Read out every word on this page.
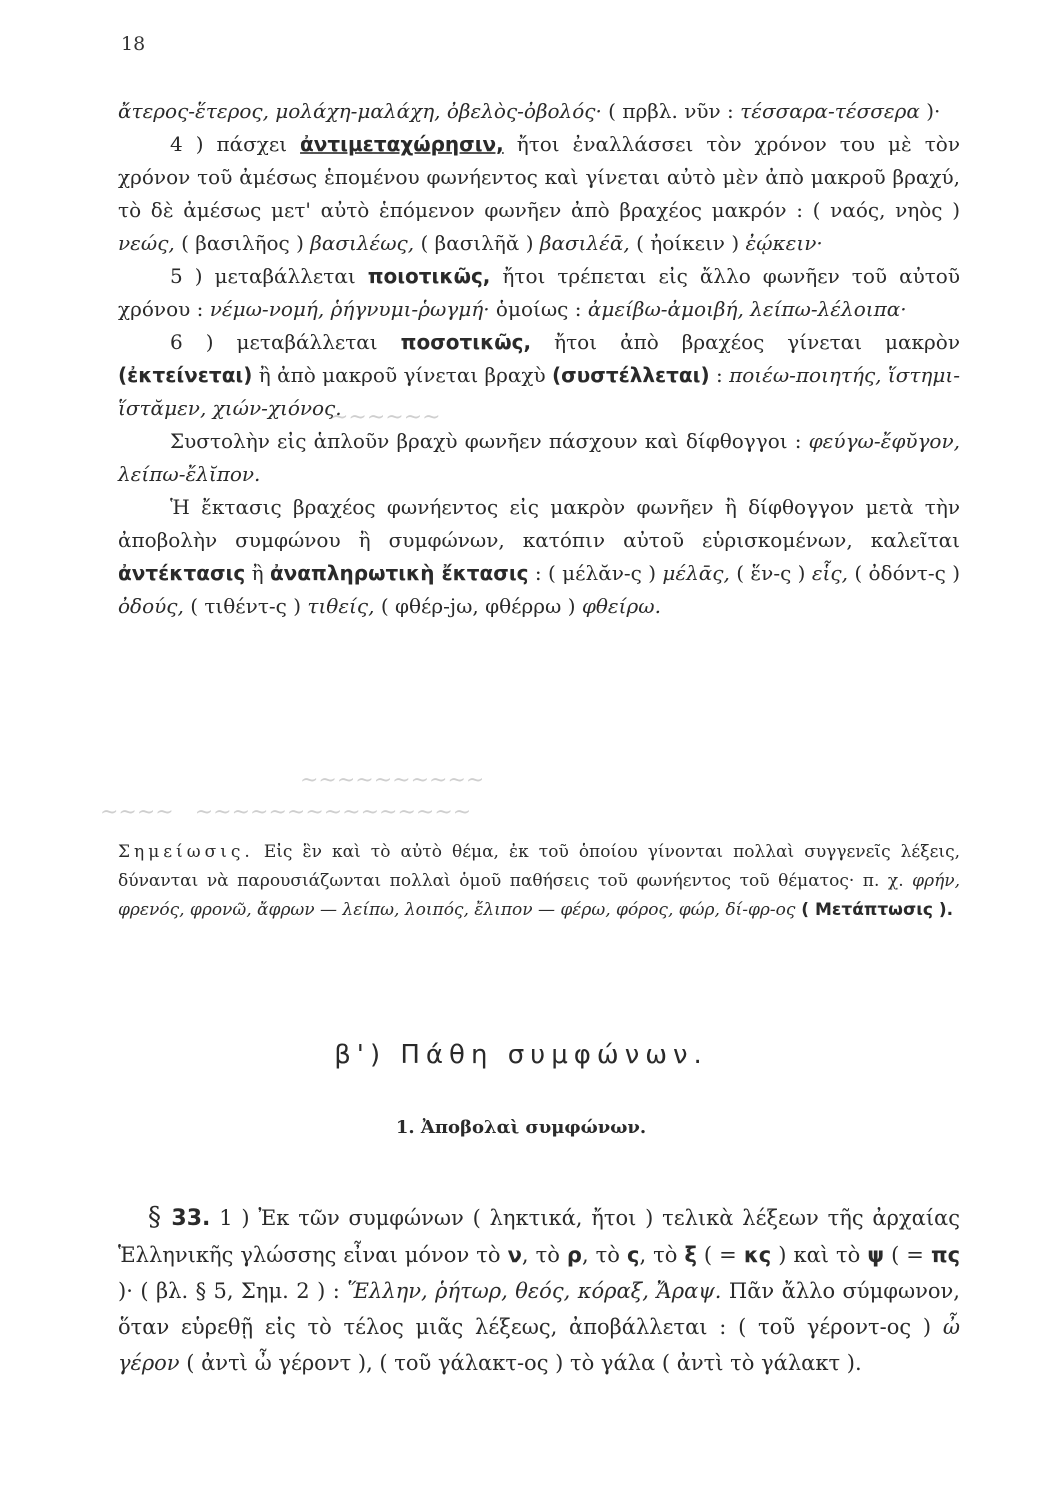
18

ἄτερος-ἕτερος, μολάχη-μαλάχη, ὀβελὸς-ὀβολός· ( πρβλ. νῦν : τέσσαρα-τέσσερα )·

4 ) πάσχει ἀντιμεταχώρησιν, ἤτοι ἐναλλάσσει τὸν χρόνον του μὲ τὸν χρόνον τοῦ ἀμέσως ἑπομένου φωνήεντος καὶ γίνεται αὐτὸ μὲν ἀπὸ μακροῦ βραχύ, τὸ δὲ ἀμέσως μετ' αὐτὸ ἑπόμενον φωνῆεν ἀπὸ βραχέος μακρόν : ( ναός, νηὸς ) νεώς, ( βασιλῆος ) βασιλέως, ( βασιλῆᾰ ) βασιλέᾱ, ( ἠοίκειν ) ἐῴκειν·

5 ) μεταβάλλεται ποιοτικῶς, ἤτοι τρέπεται εἰς ἄλλο φωνῆεν τοῦ αὐτοῦ χρόνου : νέμω-νομή, ῥήγνυμι-ῥωγμή· ὁμοίως : ἀμείβω-ἀμοιβή, λείπω-λέλοιπα·

6 ) μεταβάλλεται ποσοτικῶς, ἤτοι ἀπὸ βραχέος γίνεται μακρὸν (ἐκτείνεται) ἢ ἀπὸ μακροῦ γίνεται βραχὺ (συστέλλεται) : ποιέω-ποιητής, ἵστημι-ἵστᾰμεν, χιών-χιόνος.

Συστολὴν εἰς ἁπλοῦν βραχὺ φωνῆεν πάσχουν καὶ δίφθογγοι : φεύγω-ἔφῠγον, λείπω-ἔλῐπον.

Ἡ ἔκτασις βραχέος φωνήεντος εἰς μακρὸν φωνῆεν ἢ δίφθογγον μετὰ τὴν ἀποβολὴν συμφώνου ἢ συμφώνων, κατόπιν αὐτοῦ εὑρισκομένων, καλεῖται ἀντέκτασις ἢ ἀναπληρωτικὴ ἔκτασις : ( μέλᾰν-ς ) μέλᾱς, ( ἕν-ς ) εἷς, ( ὀδόντ-ς ) ὀδούς, ( τιθέντ-ς ) τιθείς, ( φθέρ-jω, φθέρρω ) φθείρω.

~~~~~~
~~~~~~~~~~
~~~~   ~~~~~~~~~~~~~~~
Σημείωσις. Εἰς ἓν καὶ τὸ αὐτὸ θέμα, ἐκ τοῦ ὁποίου γίνονται πολλαὶ συγγενεῖς λέξεις, δύνανται νὰ παρουσιάζωνται πολλαὶ ὁμοῦ παθήσεις τοῦ φωνήεντος τοῦ θέματος· π. χ. φρήν, φρενός, φρονῶ, ἄφρων — λείπω, λοιπός, ἔλιπον — φέρω, φόρος, φώρ, δί-φρ-ος ( Μετάπτωσις ).
β') Πάθη συμφώνων.
1. Ἀποβολαὶ συμφώνων.

§ 33. 1 ) Ἐκ τῶν συμφώνων ( ληκτικά, ἤτοι ) τελικὰ λέξεων τῆς ἀρχαίας Ἑλληνικῆς γλώσσης εἶναι μόνον τὸ ν, τὸ ρ, τὸ ς, τὸ ξ ( = κς ) καὶ τὸ ψ ( = πς )· ( βλ. § 5, Σημ. 2 ) : Ἕλλην, ῥήτωρ, θεός, κόραξ, Ἄραψ. Πᾶν ἄλλο σύμφωνον, ὅταν εὑρεθῇ εἰς τὸ τέλος μιᾶς λέξεως, ἀποβάλλεται : ( τοῦ γέροντ-ος ) ὦ γέρον ( ἀντὶ ὦ γέροντ ), ( τοῦ γάλακτ-ος ) τὸ γάλα ( ἀντὶ τὸ γάλακτ ).
